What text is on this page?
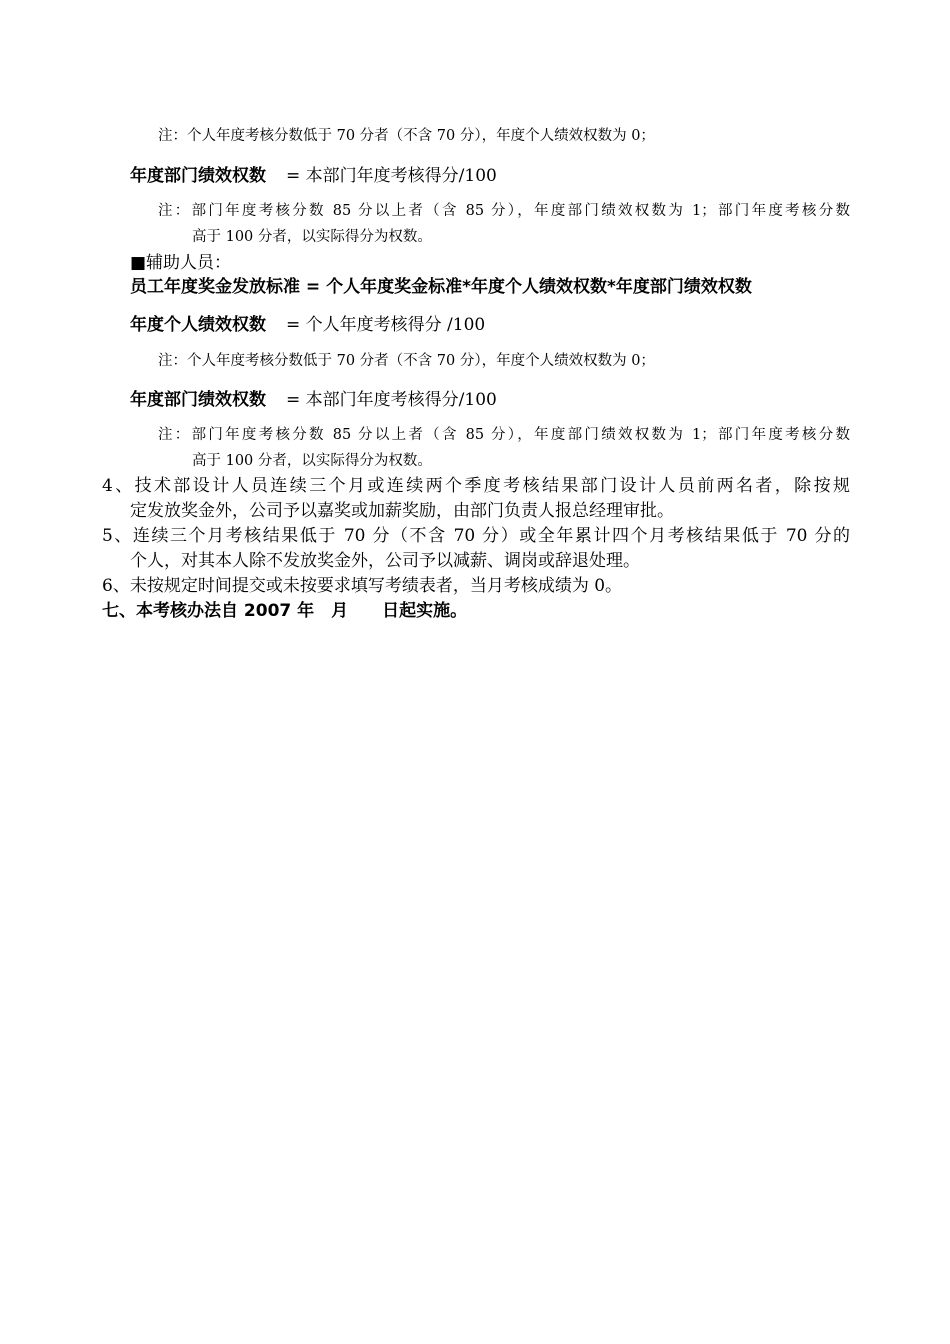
注：个人年度考核分数低于 70 分者（不含 70 分），年度个人绩效权数为 0；
年度部门绩效权数 = 本部门年度考核得分/100
注：部门年度考核分数 85 分以上者（含 85 分），年度部门绩效权数为 1；部门年度考核分数
高于 100 分者，以实际得分为权数。
■辅助人员：
员工年度奖金发放标准 = 个人年度奖金标准*年度个人绩效权数*年度部门绩效权数
年度个人绩效权数 = 个人年度考核得分 /100
注：个人年度考核分数低于 70 分者（不含 70 分），年度个人绩效权数为 0；
年度部门绩效权数 = 本部门年度考核得分/100
注：部门年度考核分数 85 分以上者（含 85 分），年度部门绩效权数为 1；部门年度考核分数
高于 100 分者，以实际得分为权数。
4、技术部设计人员连续三个月或连续两个季度考核结果部门设计人员前两名者，除按规
定发放奖金外，公司予以嘉奖或加薪奖励，由部门负责人报总经理审批。
5、连续三个月考核结果低于 70 分（不含 70 分）或全年累计四个月考核结果低于 70 分的
个人，对其本人除不发放奖金外，公司予以减薪、调岗或辞退处理。
6、未按规定时间提交或未按要求填写考绩表者，当月考核成绩为 0。
七、本考核办法自 2007 年　月　　日起实施。
